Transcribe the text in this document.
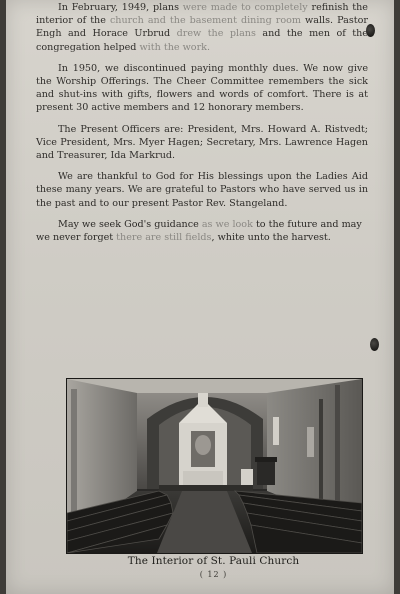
In February, 1949, plans were made to completely refinish the interior of the church and the basement dining room walls. Pastor Engh and Horace Urbrud drew the plans and the men of the congregation helped with the work.

In 1950, we discontinued paying monthly dues. We now give the Worship Offerings. The Cheer Committee remembers the sick and shut-ins with gifts, flowers and words of comfort. There is at present 30 active members and 12 honorary members.

The Present Officers are: President, Mrs. Howard A. Ristvedt; Vice President, Mrs. Myer Hagen; Secretary, Mrs. Lawrence Hagen and Treasurer, Ida Markrud.

We are thankful to God for His blessings upon the Ladies Aid these many years. We are grateful to Pastors who have served us in the past and to our present Pastor Rev. Stangeland.

May we seek God's guidance as we look to the future and may we never forget there are still fields, white unto the harvest.

The Interior of St. Pauli Church
( 12 )
